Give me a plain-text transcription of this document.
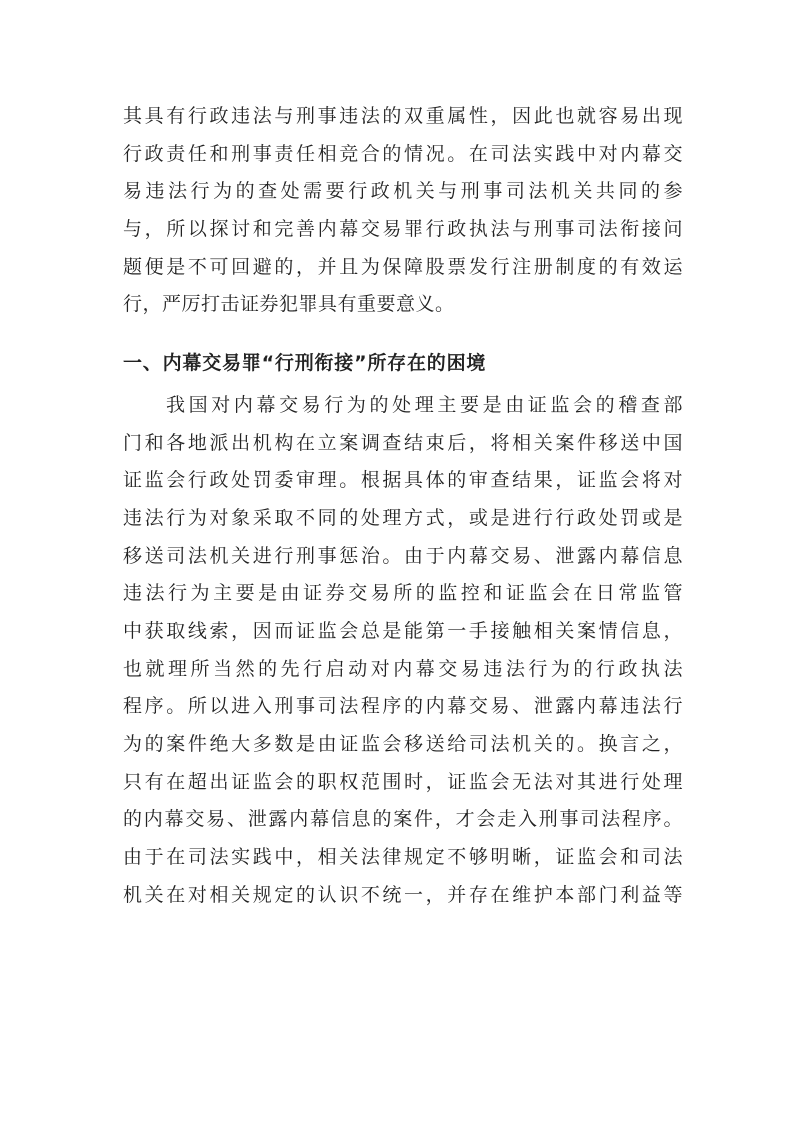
其具有行政违法与刑事违法的双重属性，因此也就容易出现
行政责任和刑事责任相竞合的情况。在司法实践中对内幕交
易违法行为的查处需要行政机关与刑事司法机关共同的参
与，所以探讨和完善内幕交易罪行政执法与刑事司法衔接问
题便是不可回避的，并且为保障股票发行注册制度的有效运
行，严厉打击证券犯罪具有重要意义。
一、内幕交易罪“行刑衔接”所存在的困境
我国对内幕交易行为的处理主要是由证监会的稽查部
门和各地派出机构在立案调查结束后，将相关案件移送中国
证监会行政处罚委审理。根据具体的审查结果，证监会将对
违法行为对象采取不同的处理方式，或是进行行政处罚或是
移送司法机关进行刑事惩治。由于内幕交易、泄露内幕信息
违法行为主要是由证券交易所的监控和证监会在日常监管
中获取线索，因而证监会总是能第一手接触相关案情信息，
也就理所当然的先行启动对内幕交易违法行为的行政执法
程序。所以进入刑事司法程序的内幕交易、泄露内幕违法行
为的案件绝大多数是由证监会移送给司法机关的。换言之，
只有在超出证监会的职权范围时，证监会无法对其进行处理
的内幕交易、泄露内幕信息的案件，才会走入刑事司法程序。
由于在司法实践中，相关法律规定不够明晰，证监会和司法
机关在对相关规定的认识不统一，并存在维护本部门利益等
